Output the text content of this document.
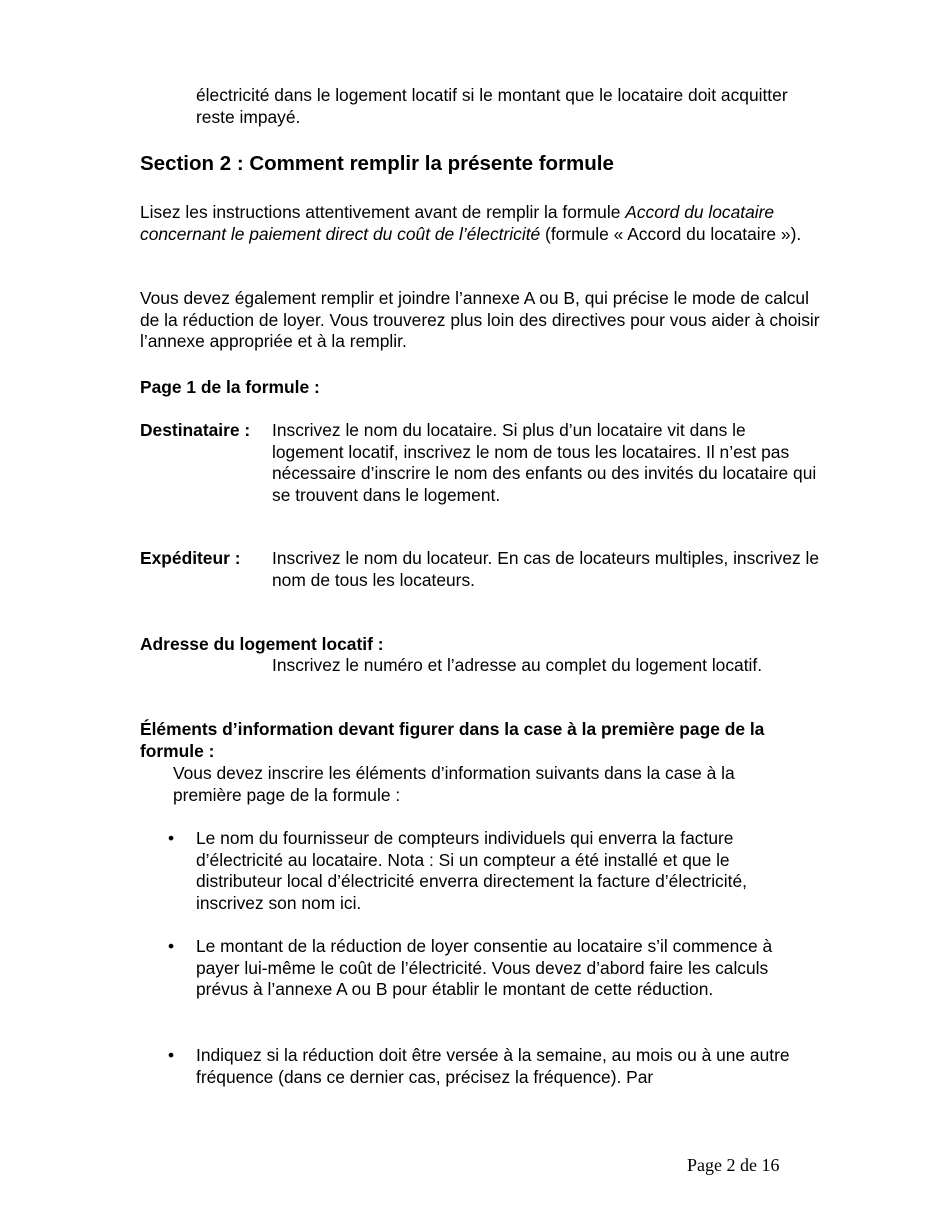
électricité dans le logement locatif si le montant que le locataire doit acquitter reste impayé.

Section 2 : Comment remplir la présente formule

Lisez les instructions attentivement avant de remplir la formule Accord du locataire concernant le paiement direct du coût de l’électricité (formule « Accord du locataire »).

Vous devez également remplir et joindre l’annexe A ou B, qui précise le mode de calcul de la réduction de loyer. Vous trouverez plus loin des directives pour vous aider à choisir l’annexe appropriée et à la remplir.

Page 1 de la formule :

Destinataire : Inscrivez le nom du locataire. Si plus d’un locataire vit dans le logement locatif, inscrivez le nom de tous les locataires. Il n’est pas nécessaire d’inscrire le nom des enfants ou des invités du locataire qui se trouvent dans le logement.
Expéditeur : Inscrivez le nom du locateur. En cas de locateurs multiples, inscrivez le nom de tous les locateurs.
Adresse du logement locatif :
Inscrivez le numéro et l’adresse au complet du logement locatif.

Éléments d’information devant figurer dans la case à la première page de la formule :

Vous devez inscrire les éléments d’information suivants dans la case à la première page de la formule :

•	Le nom du fournisseur de compteurs individuels qui enverra la facture d’électricité au locataire. Nota : Si un compteur a été installé et que le distributeur local d’électricité enverra directement la facture d’électricité, inscrivez son nom ici.
•	Le montant de la réduction de loyer consentie au locataire s’il commence à payer lui-même le coût de l’électricité. Vous devez d’abord faire les calculs prévus à l’annexe A ou B pour établir le montant de cette réduction.
•	Indiquez si la réduction doit être versée à la semaine, au mois ou à une autre fréquence (dans ce dernier cas, précisez la fréquence). Par
Page 2 de 16
